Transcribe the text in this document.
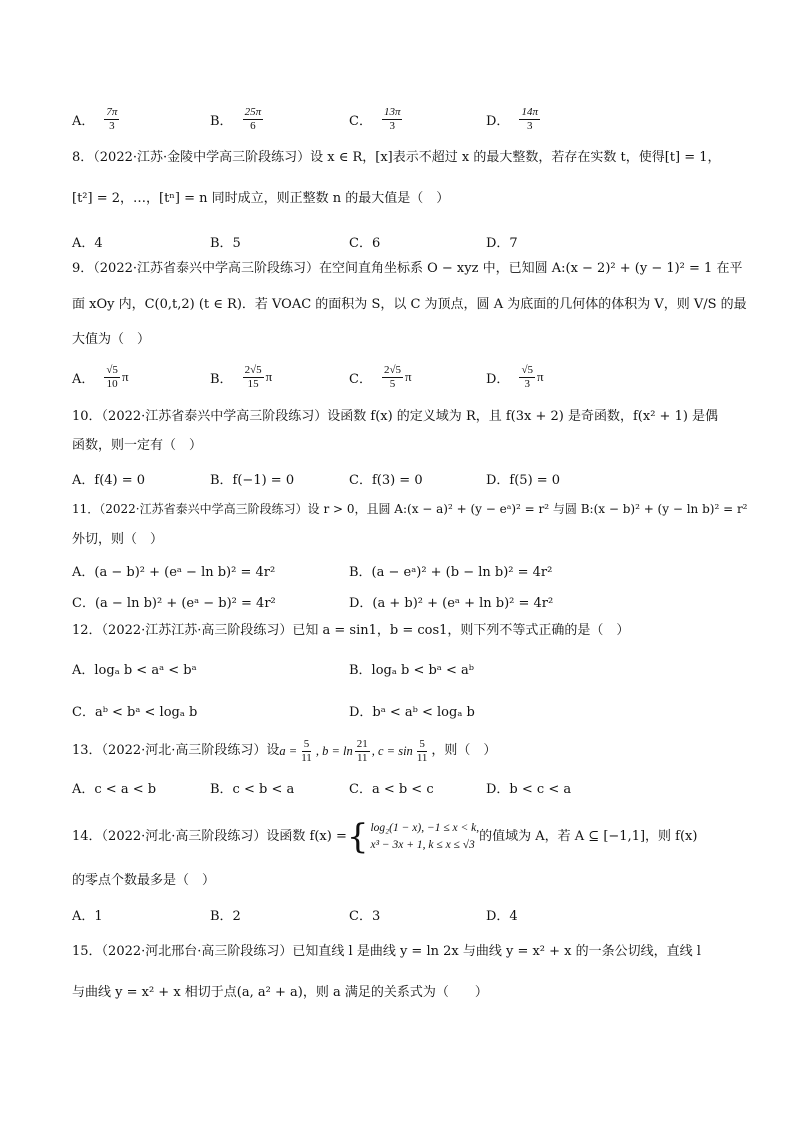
A． $\frac{7\pi}{3}$	B． $\frac{25\pi}{6}$	C． $\frac{13\pi}{3}$	D． $\frac{14\pi}{3}$
8．（2022·江苏·金陵中学高三阶段练习）设 x ∈ R，[x]表示不超过 x 的最大整数，若存在实数 t，使得[t] = 1，
[t²] = 2，…，[tⁿ] = n 同时成立，则正整数 n 的最大值是（　）
A．4	B．5	C．6	D．7
9．（2022·江苏省泰兴中学高三阶段练习）在空间直角坐标系 O − xyz 中，已知圆 A:(x − 2)² + (y − 1)² = 1 在平
面 xOy 内，C(0,t,2) (t ∈ R)．若 VOAC 的面积为 S，以 C 为顶点，圆 A 为底面的几何体的体积为 V，则 V/S 的最
大值为（　）
A． $\frac{√5}{10}$ π	B． $\frac{2√5}{15}$ π	C． $\frac{2√5}{5}$ π	D． $\frac{√5}{3}$ π
10．（2022·江苏省泰兴中学高三阶段练习）设函数 f(x) 的定义域为 R，且 f(3x + 2) 是奇函数，f(x² + 1) 是偶
函数，则一定有（　）
A．f(4) = 0	B．f(−1) = 0	C．f(3) = 0	D．f(5) = 0
11．（2022·江苏省泰兴中学高三阶段练习）设 r > 0，且圆 A:(x − a)² + (y − eᵃ)² = r² 与圆 B:(x − b)² + (y − ln b)² = r²
外切，则（　）
A．(a − b)² + (eᵃ − ln b)² = 4r²	B．(a − eᵃ)² + (b − ln b)² = 4r²
C．(a − ln b)² + (eᵃ − b)² = 4r²	D．(a + b)² + (eᵃ + ln b)² = 4r²
12．（2022·江苏江苏·高三阶段练习）已知 a = sin1，b = cos1，则下列不等式正确的是（　）
A．logₐ b < aᵃ < bᵃ	B．logₐ b < bᵃ < aᵇ
C．aᵇ < bᵃ < logₐ b	D．bᵃ < aᵇ < logₐ b
13．（2022·河北·高三阶段练习）设 $a = \frac{5}{11}$ , $b = \ln \frac{21}{11}$ , $c = \sin \frac{5}{11}$ ，则（　）
A．c < a < b	B．c < b < a	C．a < b < c	D．b < c < a
14．（2022·河北·高三阶段练习）设函数 f(x) = { log₂(1 − x), −1 ≤ x < k,
x³ − 3x + 1, k ≤ x ≤ √3
的值域为 A，若 A ⊆ [−1,1]，则 f(x)
的零点个数最多是（　）
A．1	B．2	C．3	D．4
15．（2022·河北邢台·高三阶段练习）已知直线 l 是曲线 y = ln 2x 与曲线 y = x² + x 的一条公切线，直线 l
与曲线 y = x² + x 相切于点(a, a² + a)，则 a 满足的关系式为（　　）
